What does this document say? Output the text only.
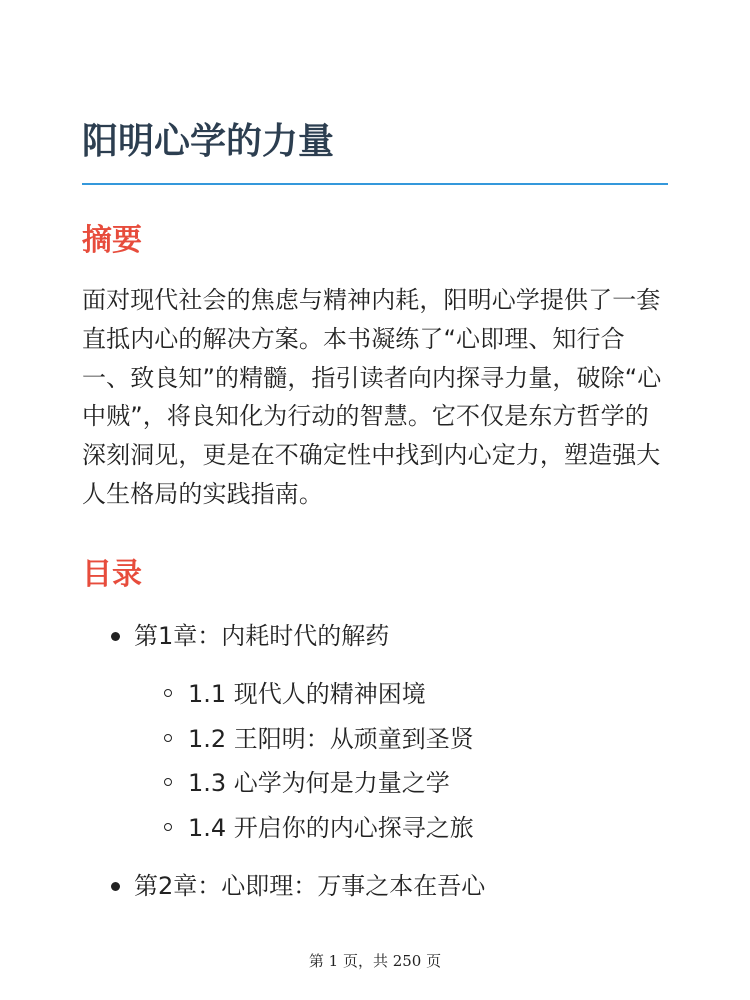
阳明心学的力量
摘要

面对现代社会的焦虑与精神内耗，阳明心学提供了一套直抵内心的解决方案。本书凝练了“心即理、知行合一、致良知”的精髓，指引读者向内探寻力量，破除“心中贼”，将良知化为行动的智慧。它不仅是东方哲学的深刻洞见，更是在不确定性中找到内心定力，塑造强大人生格局的实践指南。

目录
第1章：内耗时代的解药
1.1 现代人的精神困境
1.2 王阳明：从顽童到圣贤
1.3 心学为何是力量之学
1.4 开启你的内心探寻之旅
第2章：心即理：万事之本在吾心
第 1 页，共 250 页
